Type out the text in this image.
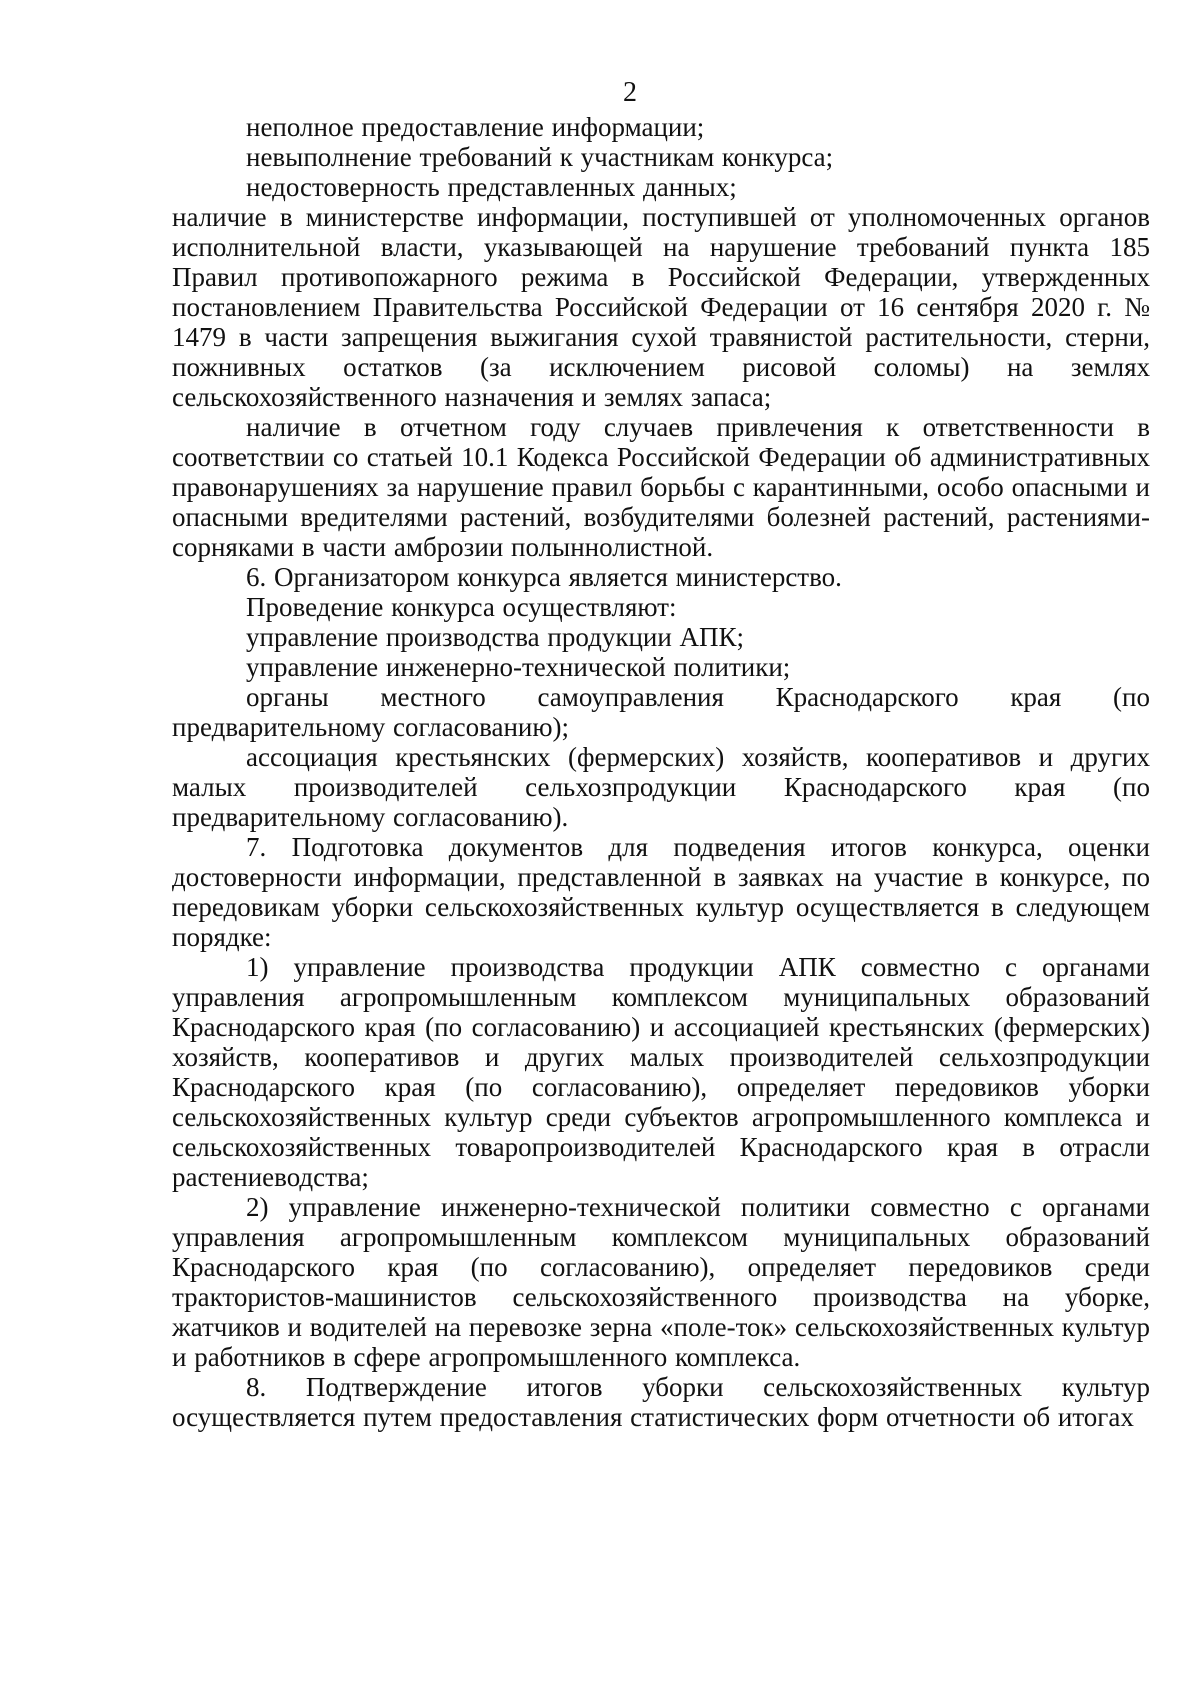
2

неполное предоставление информации;

невыполнение требований к участникам конкурса;

недостоверность представленных данных;

наличие в министерстве информации, поступившей от уполномоченных органов исполнительной власти, указывающей на нарушение требований пункта 185 Правил противопожарного режима в Российской Федерации, утвержденных постановлением Правительства Российской Федерации от 16 сентября 2020 г. № 1479 в части запрещения выжигания сухой травянистой растительности, стерни, пожнивных остатков (за исключением рисовой соломы) на землях сельскохозяйственного назначения и землях запаса;

наличие в отчетном году случаев привлечения к ответственности в соответствии со статьей 10.1 Кодекса Российской Федерации об административных правонарушениях за нарушение правил борьбы с карантинными, особо опасными и опасными вредителями растений, возбудителями болезней растений, растениями-сорняками в части амброзии полыннолистной.

6. Организатором конкурса является министерство.

Проведение конкурса осуществляют:

управление производства продукции АПК;

управление инженерно-технической политики;

органы местного самоуправления Краснодарского края (по предварительному согласованию);

ассоциация крестьянских (фермерских) хозяйств, кооперативов и других малых производителей сельхозпродукции Краснодарского края (по предварительному согласованию).

7. Подготовка документов для подведения итогов конкурса, оценки достоверности информации, представленной в заявках на участие в конкурсе, по передовикам уборки сельскохозяйственных культур осуществляется в следующем порядке:

1) управление производства продукции АПК совместно с органами управления агропромышленным комплексом муниципальных образований Краснодарского края (по согласованию) и ассоциацией крестьянских (фермерских) хозяйств, кооперативов и других малых производителей сельхозпродукции Краснодарского края (по согласованию), определяет передовиков уборки сельскохозяйственных культур среди субъектов агропромышленного комплекса и сельскохозяйственных товаропроизводителей Краснодарского края в отрасли растениеводства;

2) управление инженерно-технической политики совместно с органами управления агропромышленным комплексом муниципальных образований Краснодарского края (по согласованию), определяет передовиков среди трактористов-машинистов сельскохозяйственного производства на уборке, жатчиков и водителей на перевозке зерна «поле-ток» сельскохозяйственных культур и работников в сфере агропромышленного комплекса.

8. Подтверждение итогов уборки сельскохозяйственных культур осуществляется путем предоставления статистических форм отчетности об итогах
